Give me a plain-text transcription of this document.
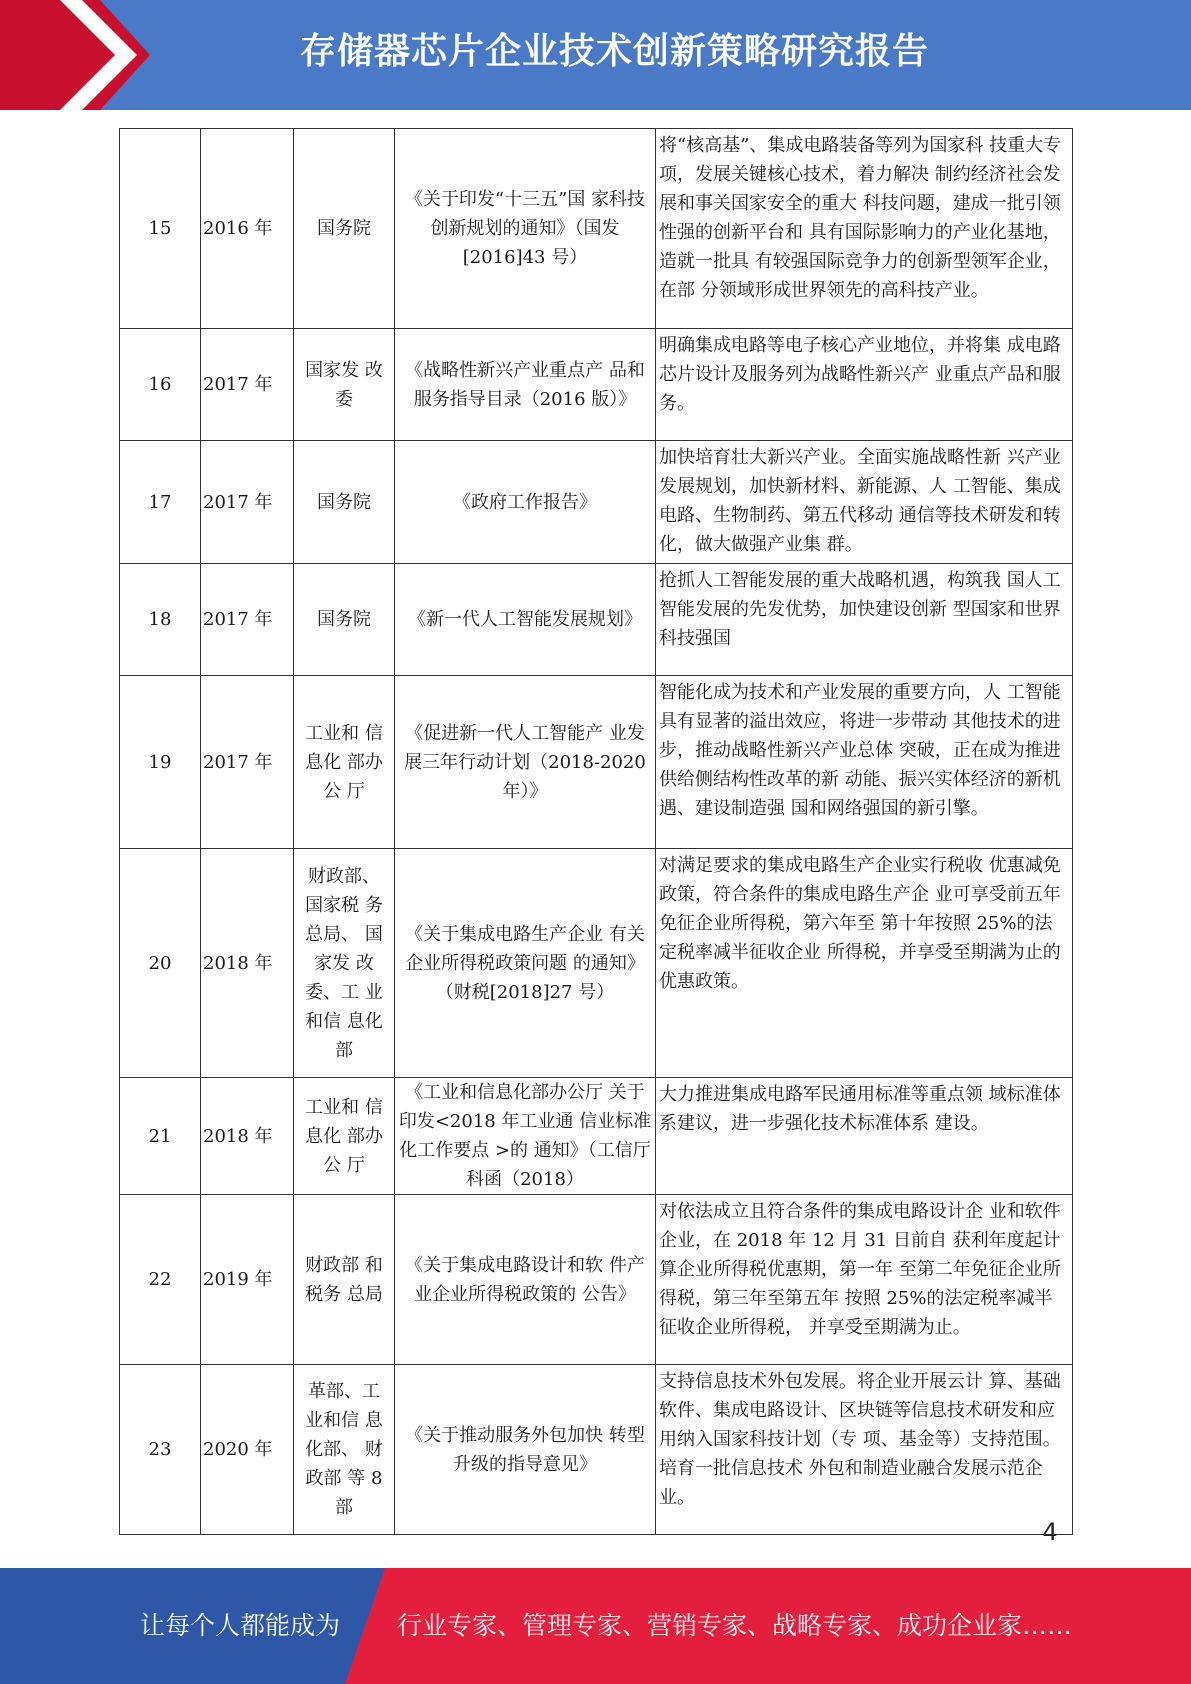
存储器芯片企业技术创新策略研究报告
15	2016 年	国务院	《关于印发“十三五”国 家科技创新规划的通知》（国发[2016]43 号）	将“核高基”、集成电路装备等列为国家科 技重大专项，发展关键核心技术，着力解决 制约经济社会发展和事关国家安全的重大 科技问题，建成一批引领性强的创新平台和 具有国际影响力的产业化基地，造就一批具 有较强国际竞争力的创新型领军企业，在部 分领域形成世界领先的高科技产业。
16	2017 年	国家发 改委	《战略性新兴产业重点产 品和服务指导目录（2016 版）》	明确集成电路等电子核心产业地位，并将集 成电路芯片设计及服务列为战略性新兴产 业重点产品和服务。
17	2017 年	国务院	《政府工作报告》	加快培育壮大新兴产业。全面实施战略性新 兴产业发展规划，加快新材料、新能源、人 工智能、集成电路、生物制药、第五代移动 通信等技术研发和转化，做大做强产业集 群。
18	2017 年	国务院	《新一代人工智能发展规划》	抢抓人工智能发展的重大战略机遇，构筑我 国人工智能发展的先发优势，加快建设创新 型国家和世界科技强国
19	2017 年	工业和 信息化 部办公 厅	《促进新一代人工智能产 业发展三年行动计划（2018-2020 年）》	智能化成为技术和产业发展的重要方向，人 工智能具有显著的溢出效应，将进一步带动 其他技术的进步，推动战略性新兴产业总体 突破，正在成为推进供给侧结构性改革的新 动能、振兴实体经济的新机遇、建设制造强 国和网络强国的新引擎。
20	2018 年	财政部、国家税 务总局、 国家发 改委、工 业和信 息化部	《关于集成电路生产企业 有关企业所得税政策问题 的通知》（财税[2018]27 号）	对满足要求的集成电路生产企业实行税收 优惠减免政策，符合条件的集成电路生产企 业可享受前五年免征企业所得税，第六年至 第十年按照 25%的法定税率减半征收企业 所得税，并享受至期满为止的优惠政策。
21	2018 年	工业和 信息化 部办公 厅	《工业和信息化部办公厅 关于印发<2018 年工业通 信业标准化工作要点 >的 通知》（工信厅科函（2018）	大力推进集成电路军民通用标准等重点领 域标准体系建议，进一步强化技术标准体系 建设。
22	2019 年	财政部 和税务 总局	《关于集成电路设计和软 件产业企业所得税政策的 公告》	对依法成立且符合条件的集成电路设计企 业和软件企业，在 2018 年 12 月 31 日前自 获利年度起计算企业所得税优惠期，第一年 至第二年免征企业所得税，第三年至第五年 按照 25%的法定税率减半征收企业所得税， 并享受至期满为止。
23	2020 年	革部、工业和信 息化部、 财政部 等 8 部	《关于推动服务外包加快 转型升级的指导意见》	支持信息技术外包发展。将企业开展云计 算、基础软件、集成电路设计、区块链等信息技术研发和应用纳入国家科技计划（专 项、基金等）支持范围。培育一批信息技术 外包和制造业融合发展示范企业。
4
让每个人都能成为 行业专家、管理专家、营销专家、战略专家、成功企业家……
